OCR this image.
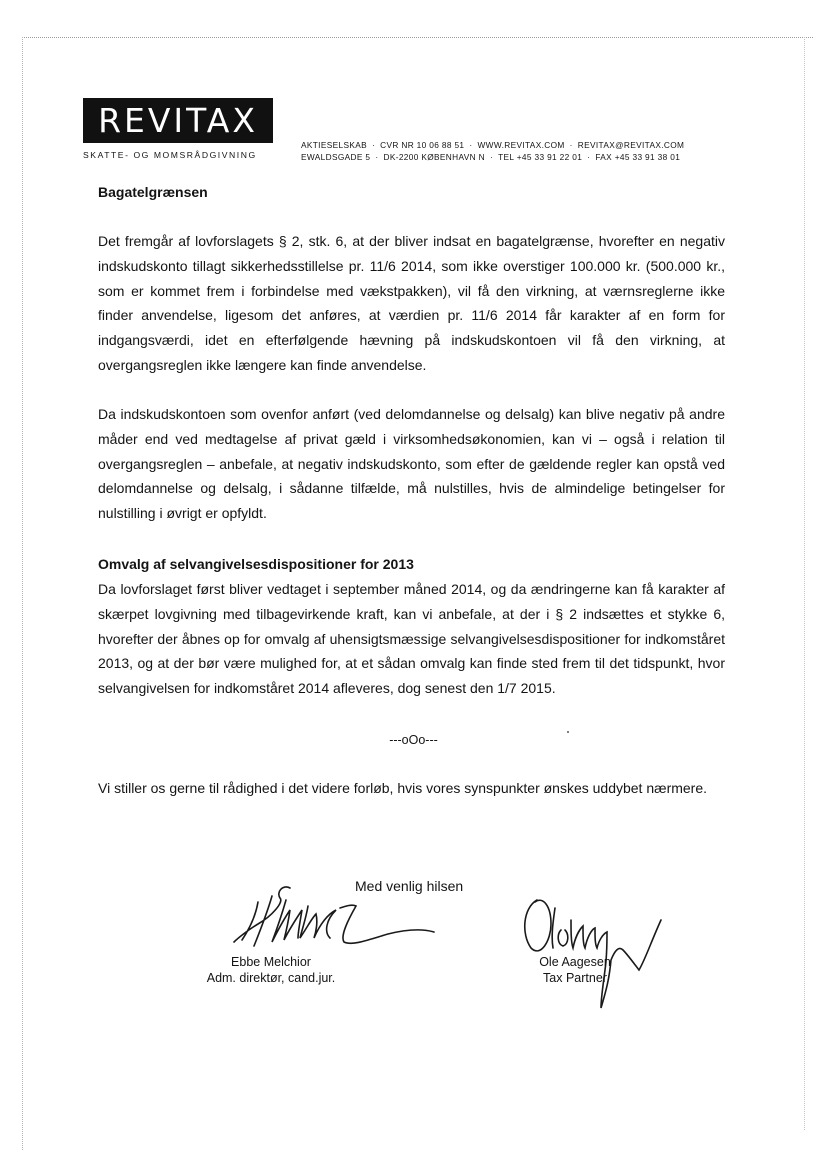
REVITAX
SKATTE- OG MOMSRÅDGIVNING
AKTIESELSKAB · CVR NR 10 06 88 51 · WWW.REVITAX.COM · REVITAX@REVITAX.COM
EWALDSGADE 5 · DK-2200 KØBENHAVN N · TEL +45 33 91 22 01 · FAX +45 33 91 38 01
Bagatelgrænsen

Det fremgår af lovforslagets § 2, stk. 6, at der bliver indsat en bagatelgrænse, hvorefter en negativ indskudskonto tillagt sikkerhedsstillelse pr. 11/6 2014, som ikke overstiger 100.000 kr. (500.000 kr., som er kommet frem i forbindelse med vækstpakken), vil få den virkning, at værnsreglerne ikke finder anvendelse, ligesom det anføres, at værdien pr. 11/6 2014 får karakter af en form for indgangsværdi, idet en efterfølgende hævning på indskudskontoen vil få den virkning, at overgangsreglen ikke længere kan finde anvendelse.

Da indskudskontoen som ovenfor anført (ved delomdannelse og delsalg) kan blive negativ på andre måder end ved medtagelse af privat gæld i virksomhedsøkonomien, kan vi – også i relation til overgangsreglen – anbefale, at negativ indskudskonto, som efter de gældende regler kan opstå ved delomdannelse og delsalg, i sådanne tilfælde, må nulstilles, hvis de almindelige betingelser for nulstilling i øvrigt er opfyldt.

Omvalg af selvangivelsesdispositioner for 2013

Da lovforslaget først bliver vedtaget i september måned 2014, og da ændringerne kan få karakter af skærpet lovgivning med tilbagevirkende kraft, kan vi anbefale, at der i § 2 indsættes et stykke 6, hvorefter der åbnes op for omvalg af uhensigtsmæssige selvangivelsesdispositioner for indkomståret 2013, og at der bør være mulighed for, at et sådan omvalg kan finde sted frem til det tidspunkt, hvor selvangivelsen for indkomståret 2014 afleveres, dog senest den 1/7 2015.

---oOo---
Vi stiller os gerne til rådighed i det videre forløb, hvis vores synspunkter ønskes uddybet nærmere.
Med venlig hilsen
Ebbe Melchior
Adm. direktør, cand.jur.
Ole Aagesen
Tax Partner
